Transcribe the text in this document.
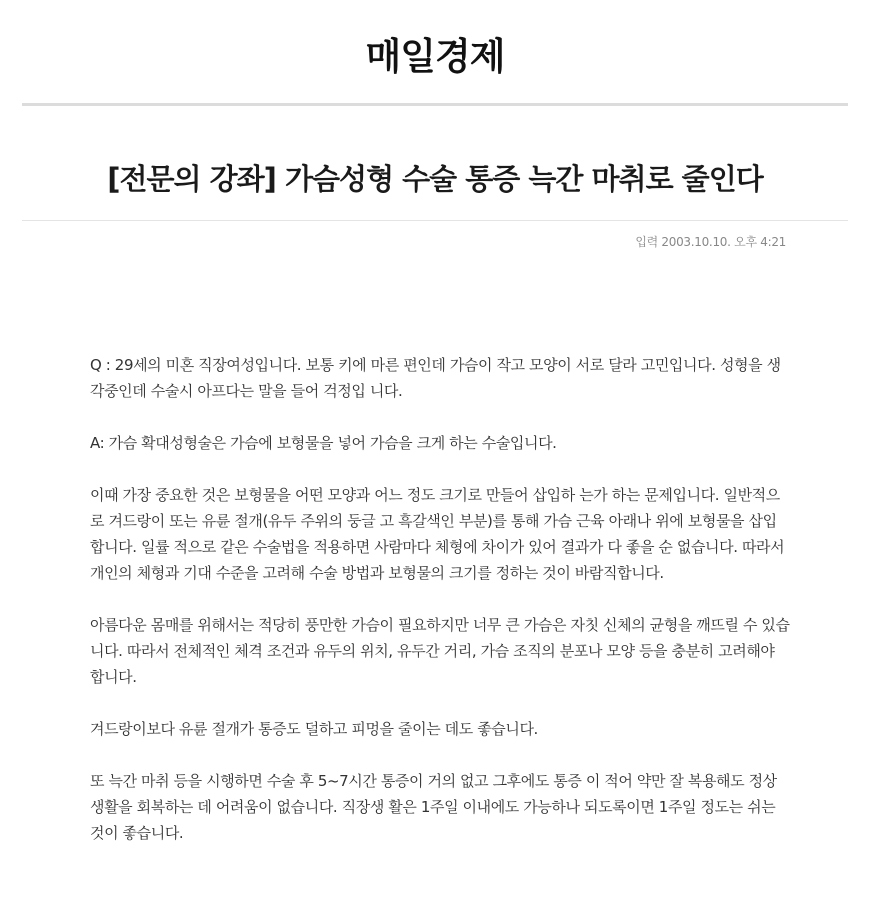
매일경제
[전문의 강좌] 가슴성형 수술 통증 늑간 마취로 줄인다
입력 2003.10.10. 오후 4:21

Q : 29세의 미혼 직장여성입니다. 보통 키에 마른 편인데 가슴이 작고 모양이 서로 달라 고민입니다. 성형을 생각중인데 수술시 아프다는 말을 들어 걱정입 니다.

A: 가슴 확대성형술은 가슴에 보형물을 넣어 가슴을 크게 하는 수술입니다.

이때 가장 중요한 것은 보형물을 어떤 모양과 어느 정도 크기로 만들어 삽입하 는가 하는 문제입니다. 일반적으로 겨드랑이 또는 유륜 절개(유두 주위의 둥글 고 흑갈색인 부분)를 통해 가슴 근육 아래나 위에 보형물을 삽입합니다. 일률 적으로 같은 수술법을 적용하면 사람마다 체형에 차이가 있어 결과가 다 좋을 순 없습니다. 따라서 개인의 체형과 기대 수준을 고려해 수술 방법과 보형물의 크기를 정하는 것이 바람직합니다.

아름다운 몸매를 위해서는 적당히 풍만한 가슴이 필요하지만 너무 큰 가슴은 자칫 신체의 균형을 깨뜨릴 수 있습니다. 따라서 전체적인 체격 조건과 유두의 위치, 유두간 거리, 가슴 조직의 분포나 모양 등을 충분히 고려해야 합니다.

겨드랑이보다 유륜 절개가 통증도 덜하고 피멍을 줄이는 데도 좋습니다.

또 늑간 마취 등을 시행하면 수술 후 5~7시간 통증이 거의 없고 그후에도 통증 이 적어 약만 잘 복용해도 정상생활을 회복하는 데 어려움이 없습니다. 직장생 활은 1주일 이내에도 가능하나 되도록이면 1주일 정도는 쉬는 것이 좋습니다.
